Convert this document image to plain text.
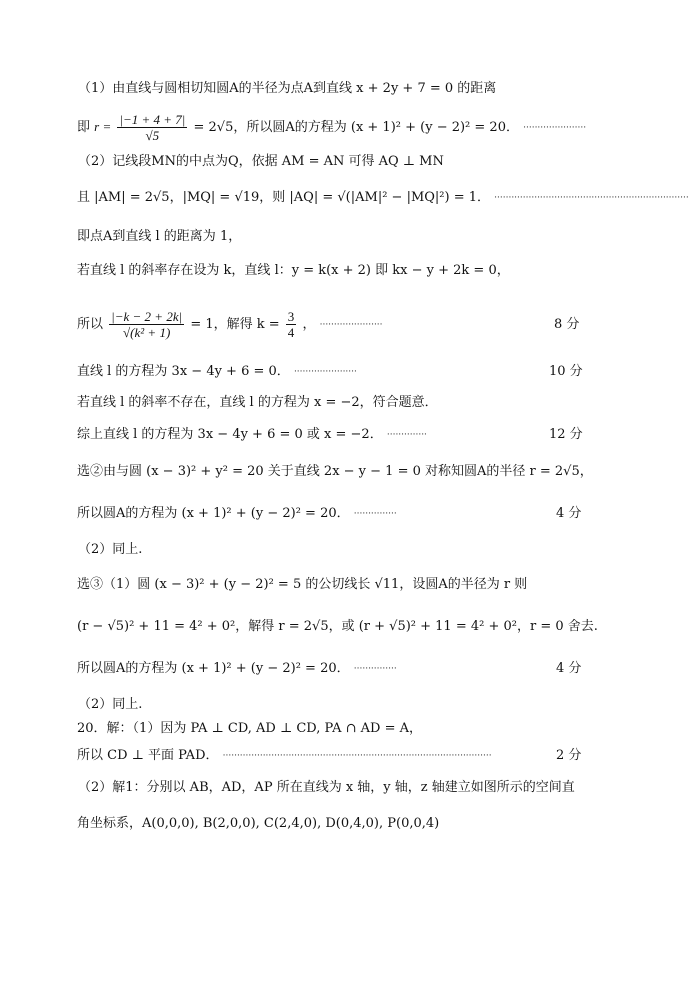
（1）由直线与圆相切知圆A的半径为点A到直线 x + 2y + 7 = 0 的距离
即 $r = \frac{|-1 + 4 + 7|}{√5} = 2√5$，所以圆A的方程为 (x + 1)² + (y − 2)² = 20． ······················
（2）记线段MN的中点为Q，依据 AM = AN 可得 AQ ⊥ MN
且 |AM| = 2√5，|MQ| = √19，则 |AQ| = √(|AM|² − |MQ|²) = 1． ····································································
即点A到直线 l 的距离为 1，
若直线 l 的斜率存在设为 k，直线 l：y = k(x + 2) 即 kx − y + 2k = 0，
所以 $\frac{|-k - 2 + 2k|}{\text{√(k² + 1)}} = 1$，解得 $k = \frac{3}{4}$ ， ······················	8 分
直线 l 的方程为 3x − 4y + 6 = 0． ······················	10 分
若直线 l 的斜率不存在，直线 l 的方程为 x = −2，符合题意．
综上直线 l 的方程为 3x − 4y + 6 = 0 或 x = −2． ··············	12 分
选②由与圆 (x − 3)² + y² = 20 关于直线 2x − y − 1 = 0 对称知圆A的半径 r = 2√5，
所以圆A的方程为 (x + 1)² + (y − 2)² = 20． ···············	4 分
（2）同上.
选③（1）圆 (x − 3)² + (y − 2)² = 5 的公切线长 √11，设圆A的半径为 r 则
(r − √5)² + 11 = 4² + 0²，解得 r = 2√5，或 (r + √5)² + 11 = 4² + 0²，r = 0 舍去.
所以圆A的方程为 (x + 1)² + (y − 2)² = 20． ···············	4 分
（2）同上.
20．解：（1）因为 PA ⊥ CD, AD ⊥ CD, PA ∩ AD = A，
所以 CD ⊥ 平面 PAD． ······························································································	2 分
（2）解1：分别以 AB，AD，AP 所在直线为 x 轴，y 轴，z 轴建立如图所示的空间直
角坐标系，A(0,0,0), B(2,0,0), C(2,4,0), D(0,4,0), P(0,0,4)
